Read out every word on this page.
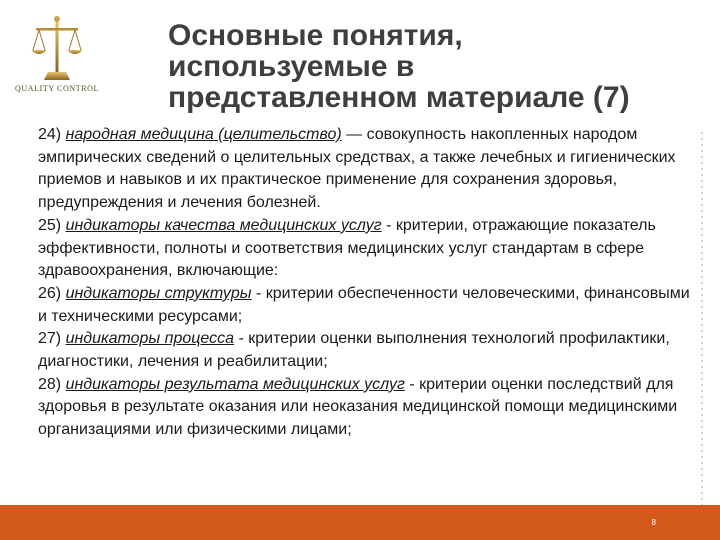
QUALITY CONTROL
Основные понятия,
используемые в
представленном материале (7)

24) народная медицина (целительство) — совокупность накопленных народом эмпирических сведений о целительных средствах, а также лечебных и гигиенических приемов и навыков и их практическое применение для сохранения здоровья, предупреждения и лечения болезней.

25) индикаторы качества медицинских услуг - критерии, отражающие показатель эффективности, полноты и соответствия медицинских услуг стандартам в сфере здравоохранения, включающие:

26) индикаторы структуры - критерии обеспеченности человеческими, финансовыми и техническими ресурсами;

27) индикаторы процесса - критерии оценки выполнения технологий профилактики, диагностики, лечения и реабилитации;

28) индикаторы результата медицинских услуг - критерии оценки последствий для здоровья в результате оказания или неоказания медицинской помощи медицинскими организациями или физическими лицами;

8
